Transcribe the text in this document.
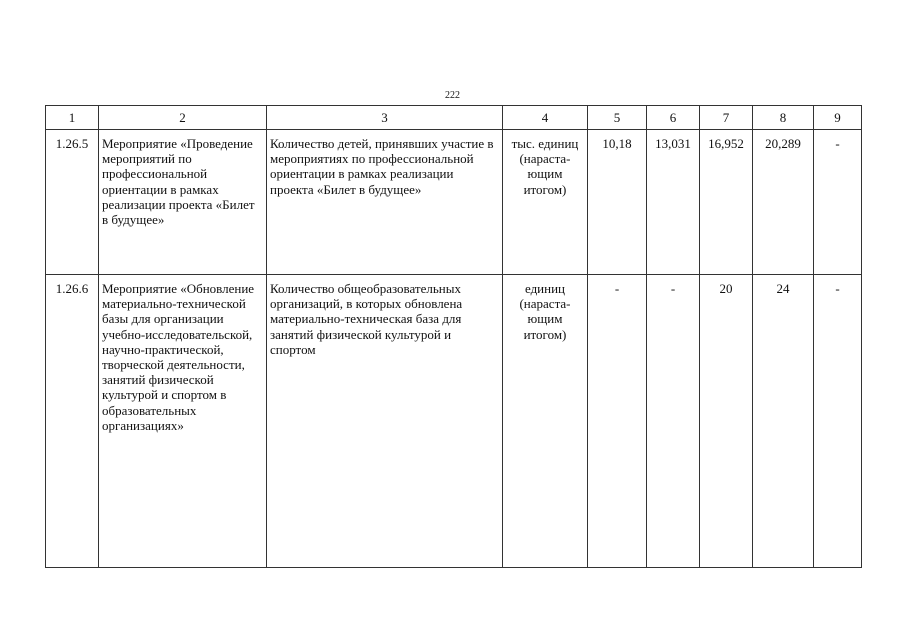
222
1	2	3	4	5	6	7	8	9
1.26.5	Мероприятие «Проведение мероприятий по профессиональной ориентации в рамках реализации проекта «Билет в будущее»	Количество детей, принявших участие в мероприятиях по профессиональной ориентации в рамках реализации проекта «Билет в будущее»	тыс. единиц (нараста-ющим итогом)	10,18	13,031	16,952	20,289	-
1.26.6	Мероприятие «Обновление материально-технической базы для организации учебно-исследовательской, научно-практической, творческой деятельности, занятий физической культурой и спортом в образовательных организациях»	Количество общеобразовательных организаций, в которых обновлена материально-техническая база для занятий физической культурой и спортом	единиц (нараста-ющим итогом)	-	-	20	24	-
